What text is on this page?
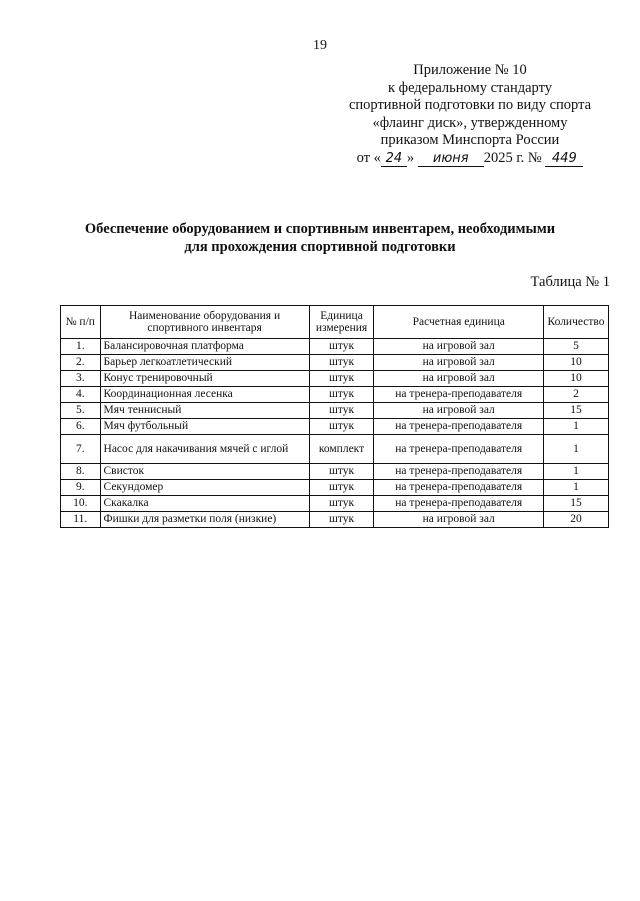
19
Приложение № 10
к федеральному стандарту
спортивной подготовки по виду спорта
«флаинг диск», утвержденному
приказом Минспорта России
от « 24 » июня 2025 г. № 449
Обеспечение оборудованием и спортивным инвентарем, необходимыми
для прохождения спортивной подготовки
Таблица № 1
№ п/п	Наименование оборудования и спортивного инвентаря	Единица измерения	Расчетная единица	Количество
1.	Балансировочная платформа	штук	на игровой зал	5
2.	Барьер легкоатлетический	штук	на игровой зал	10
3.	Конус тренировочный	штук	на игровой зал	10
4.	Координационная лесенка	штук	на тренера-преподавателя	2
5.	Мяч теннисный	штук	на игровой зал	15
6.	Мяч футбольный	штук	на тренера-преподавателя	1
7.	Насос для накачивания мячей с иглой	комплект	на тренера-преподавателя	1
8.	Свисток	штук	на тренера-преподавателя	1
9.	Секундомер	штук	на тренера-преподавателя	1
10.	Скакалка	штук	на тренера-преподавателя	15
11.	Фишки для разметки поля (низкие)	штук	на игровой зал	20
